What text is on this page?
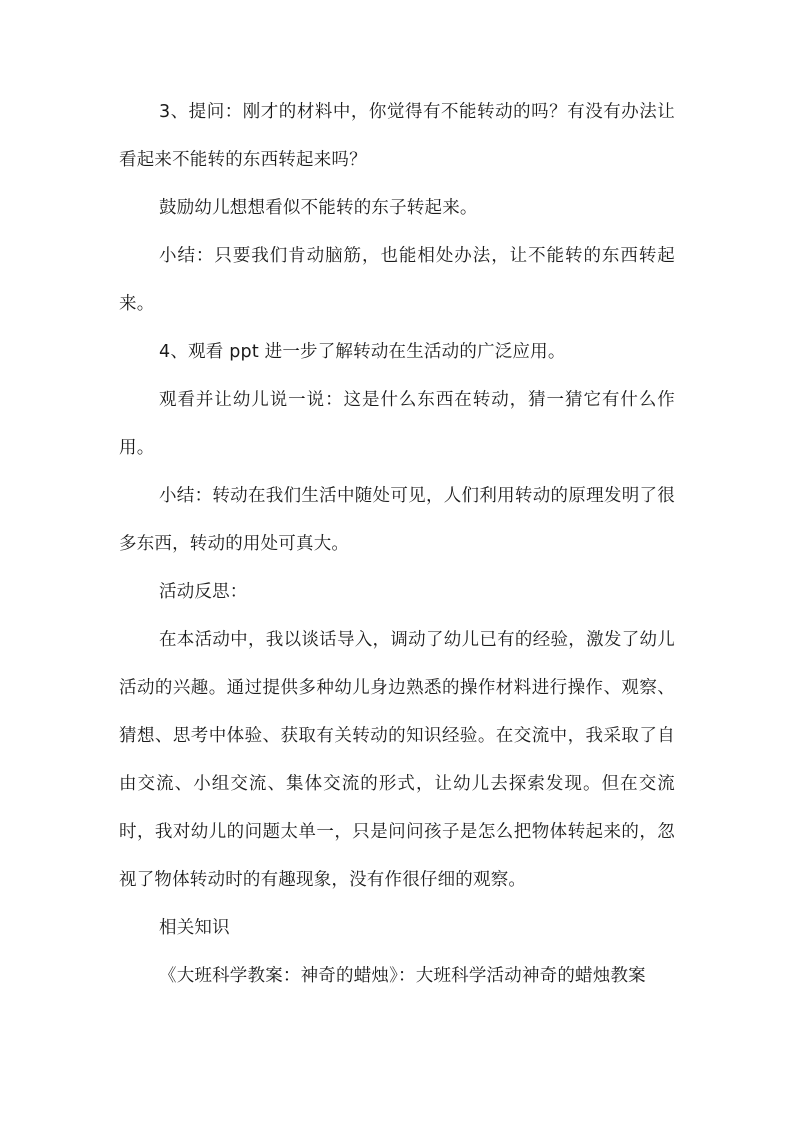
3、提问：刚才的材料中，你觉得有不能转动的吗？有没有办法让看起来不能转的东西转起来吗？

鼓励幼儿想想看似不能转的东子转起来。

小结：只要我们肯动脑筋，也能相处办法，让不能转的东西转起来。

4、观看 ppt 进一步了解转动在生活动的广泛应用。

观看并让幼儿说一说：这是什么东西在转动，猜一猜它有什么作用。

小结：转动在我们生活中随处可见，人们利用转动的原理发明了很多东西，转动的用处可真大。

活动反思：

在本活动中，我以谈话导入，调动了幼儿已有的经验，激发了幼儿活动的兴趣。通过提供多种幼儿身边熟悉的操作材料进行操作、观察、猜想、思考中体验、获取有关转动的知识经验。在交流中，我采取了自由交流、小组交流、集体交流的形式，让幼儿去探索发现。但在交流时，我对幼儿的问题太单一，只是问问孩子是怎么把物体转起来的，忽视了物体转动时的有趣现象，没有作很仔细的观察。

相关知识

《大班科学教案：神奇的蜡烛》：大班科学活动神奇的蜡烛教案
